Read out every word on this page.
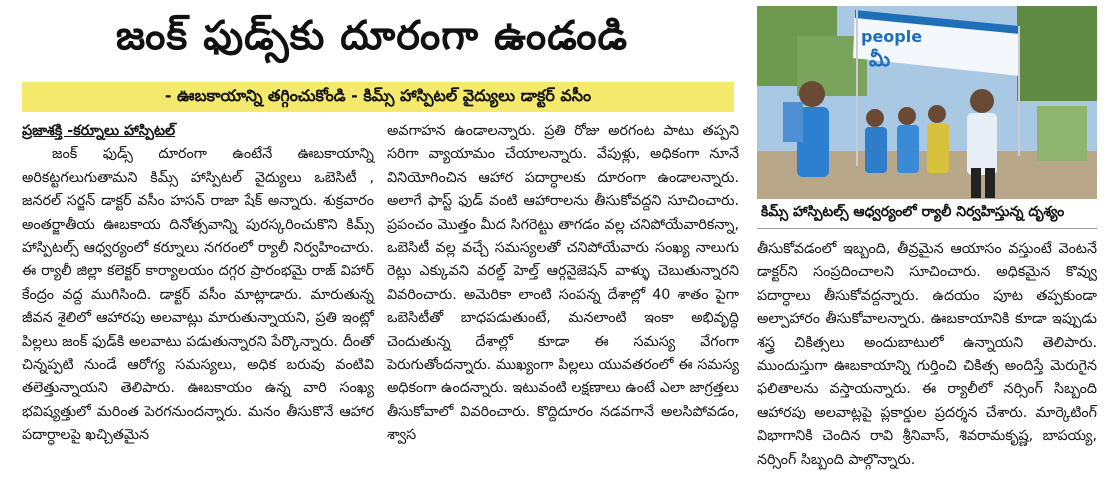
జంక్ ఫుడ్స్‌కు దూరంగా ఉండండి
- ఊబకాయాన్ని తగ్గించుకోండి - కిమ్స్ హాస్పిటల్ వైద్యులు డాక్టర్ వసీం

ప్రజాశక్తి -కర్నూలు హాస్పిటల్
జంక్ ఫుడ్స్ దూరంగా ఉంటేనే ఊబకాయాన్ని అరికట్టగలుగుతామని కిమ్స్ హాస్పిటల్ వైద్యులు ఒబెసిటీ , జనరల్ సర్జన్ డాక్టర్ వసీం హసన్ రాజా షేక్ అన్నారు. శుక్రవారం అంతర్జాతీయ ఊబకాయ దినోత్సవాన్ని పురస్కరించుకొని కిమ్స్ హాస్పిటల్స్ ఆధ్వర్యంలో కర్నూలు నగరంలో ర్యాలీ నిర్వహించారు. ఈ ర్యాలీ జిల్లా కలెక్టర్ కార్యాలయం దగ్గర ప్రారంభమై రాజ్ విహార్ కేంద్రం వద్ద ముగిసింది. డాక్టర్ వసీం మాట్లాడారు. మారుతున్న జీవన శైలిలో ఆహారపు అలవాట్లు మారుతున్నాయని, ప్రతి ఇంట్లో పిల్లలు జంక్ ఫుడ్‌కి అలవాటు పడుతున్నారని పేర్కొన్నారు. దీంతో చిన్నప్పటి నుండే ఆరోగ్య సమస్యలు, అధిక బరువు వంటివి తలెత్తున్నాయని తెలిపారు. ఊబకాయం ఉన్న వారి సంఖ్య భవిష్యత్తులో మరింత పెరగనుందన్నారు. మనం తీసుకొనే ఆహార పదార్ధాలపై ఖచ్చితమైన

అవగాహన ఉండాలన్నారు. ప్రతి రోజు అరగంట పాటు తప్పని సరిగా వ్యాయామం చేయాలన్నారు. వేపుళ్లు, అధికంగా నూనే వినియోగించిన ఆహార పదార్ధాలకు దూరంగా ఉండాలన్నారు. అలాగే ఫాస్ట్ ఫుడ్ వంటి ఆహారాలను తీసుకోవద్దని సూచించారు. ప్రపంచం మొత్తం మీద సిగరెట్టు తాగడం వల్ల చనిపోయేవారికన్నా, ఒబెసిటీ వల్ల వచ్చే సమస్యలతో చనిపోయేవారు సంఖ్య నాలుగు రెట్లు ఎక్కువని వరల్డ్ హెల్త్ ఆర్గనైజెషన్ వాళ్ళు చెబుతున్నారని వివరించారు. అమెరికా లాంటి సంపన్న దేశాల్లో 40 శాతం పైగా ఒబెసిటీతో బాధపడుతుంటే, మనలాంటి ఇంకా అభివృద్ధి చెందుతున్న దేశాల్లో కూడా ఈ సమస్య వేగంగా పెరుగుతోందన్నారు. ముఖ్యంగా పిల్లలు యువతరంలో ఈ సమస్య అధికంగా ఉందన్నారు. ఇటువంటి లక్షణాలు ఉంటే ఎలా జాగ్రత్తలు తీసుకోవాలో వివరించారు. కొద్దిదూరం నడవగానే అలసిపోవడం, శ్వాస

people
మీ
కిమ్స్ హాస్పిటల్స్ ఆధ్వర్యంలో ర్యాలీ నిర్వహిస్తున్న దృశ్యం

తీసుకోవడంలో ఇబ్బంది, తీవ్రమైన ఆయాసం వస్తుంటే వెంటనే డాక్టర్‌ని సంప్రదించాలని సూచించారు. అధికమైన కొవ్వు పదార్ధాలు తీసుకోవద్దన్నారు. ఉదయం పూట తప్పకుండా అల్పాహారం తీసుకోవాలన్నారు. ఊబకాయానికి కూడా ఇప్పుడు శస్త్ర చికిత్సలు అందుబాటులో ఉన్నాయని తెలిపారు. ముందుస్తుగా ఊబకాయాన్ని గుర్తించి చికిత్స అందిస్తే మెరుగైన ఫలితాలను వస్తాయన్నారు. ఈ ర్యాలీలో నర్సింగ్ సిబ్బంది ఆహారపు అలవాట్లపై ప్లకార్డుల ప్రదర్శన చేశారు. మార్కెటింగ్ విభాగానికి చెందిన రావి శ్రీనివాస్, శివరామకృష్ణ, బాపయ్య, నర్సింగ్ సిబ్బంది పాల్గొన్నారు.
